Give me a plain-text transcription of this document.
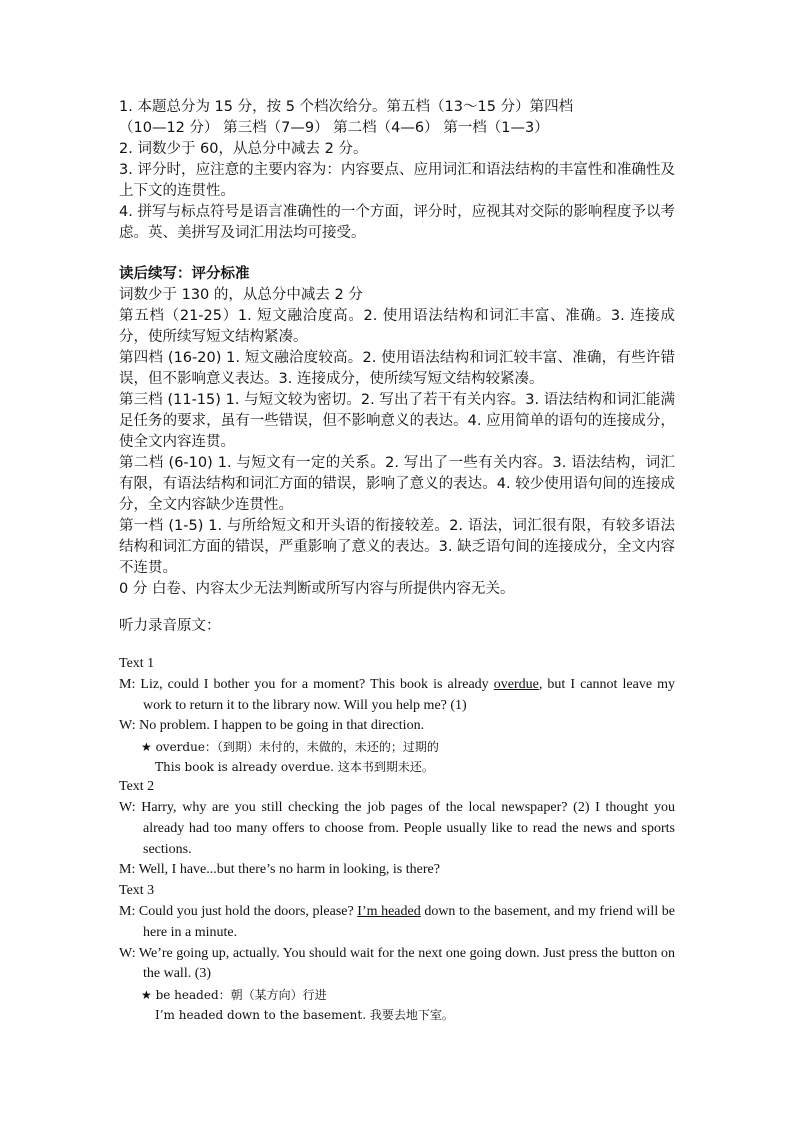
1. 本题总分为 15 分，按 5 个档次给分。第五档（13～15 分）第四档

（10—12 分） 第三档（7—9） 第二档（4—6） 第一档（1—3）

2. 词数少于 60，从总分中减去 2 分。

3. 评分时，应注意的主要内容为：内容要点、应用词汇和语法结构的丰富性和准确性及上下文的连贯性。

4. 拼写与标点符号是语言准确性的一个方面，评分时，应视其对交际的影响程度予以考虑。英、美拼写及词汇用法均可接受。

读后续写：评分标准

词数少于 130 的，从总分中减去 2 分

第五档（21-25）1. 短文融洽度高。2. 使用语法结构和词汇丰富、准确。3. 连接成分，使所续写短文结构紧凑。

第四档 (16-20) 1. 短文融洽度较高。2. 使用语法结构和词汇较丰富、准确，有些许错误，但不影响意义表达。3. 连接成分，使所续写短文结构较紧凑。

第三档 (11-15) 1. 与短文较为密切。2. 写出了若干有关内容。3. 语法结构和词汇能满足任务的要求，虽有一些错误，但不影响意义的表达。4. 应用简单的语句的连接成分，使全文内容连贯。

第二档 (6-10) 1. 与短文有一定的关系。2. 写出了一些有关内容。3. 语法结构，词汇有限，有语法结构和词汇方面的错误，影响了意义的表达。4. 较少使用语句间的连接成分，全文内容缺少连贯性。

第一档 (1-5) 1. 与所给短文和开头语的衔接较差。2. 语法，词汇很有限，有较多语法结构和词汇方面的错误，严重影响了意义的表达。3. 缺乏语句间的连接成分，全文内容不连贯。

0 分 白卷、内容太少无法判断或所写内容与所提供内容无关。

听力录音原文：

Text 1

M: Liz, could I bother you for a moment? This book is already overdue, but I cannot leave my work to return it to the library now. Will you help me? (1)

W: No problem. I happen to be going in that direction.

★ overdue：（到期）未付的，未做的，未还的；过期的

This book is already overdue. 这本书到期未还。

Text 2

W: Harry, why are you still checking the job pages of the local newspaper? (2) I thought you already had too many offers to choose from. People usually like to read the news and sports sections.

M: Well, I have...but there’s no harm in looking, is there?

Text 3

M: Could you just hold the doors, please? I’m headed down to the basement, and my friend will be here in a minute.

W: We’re going up, actually. You should wait for the next one going down. Just press the button on the wall. (3)

★ be headed：朝（某方向）行进

I’m headed down to the basement. 我要去地下室。
